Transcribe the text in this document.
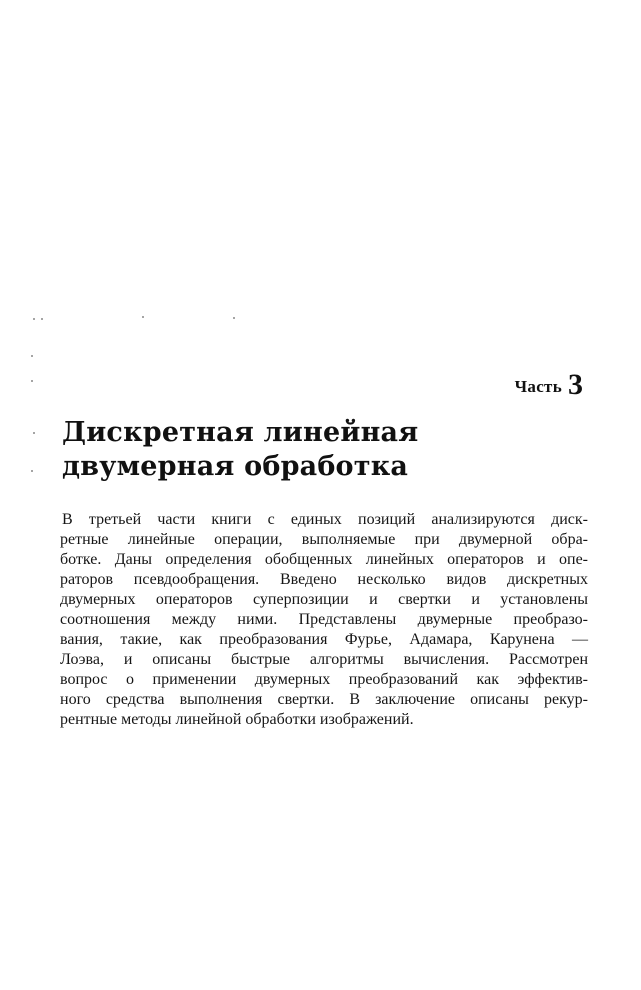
Часть 3
Дискретная линейная
двумерная обработка

В третьей части книги с единых позиций анализируются диск-
ретные линейные операции, выполняемые при двумерной обра-
ботке. Даны определения обобщенных линейных операторов и опе-
раторов псевдообращения. Введено несколько видов дискретных
двумерных операторов суперпозиции и свертки и установлены
соотношения между ними. Представлены двумерные преобразо-
вания, такие, как преобразования Фурье, Адамара, Карунена —
Лоэва, и описаны быстрые алгоритмы вычисления. Рассмотрен
вопрос о применении двумерных преобразований как эффектив-
ного средства выполнения свертки. В заключение описаны рекур-
рентные методы линейной обработки изображений.
